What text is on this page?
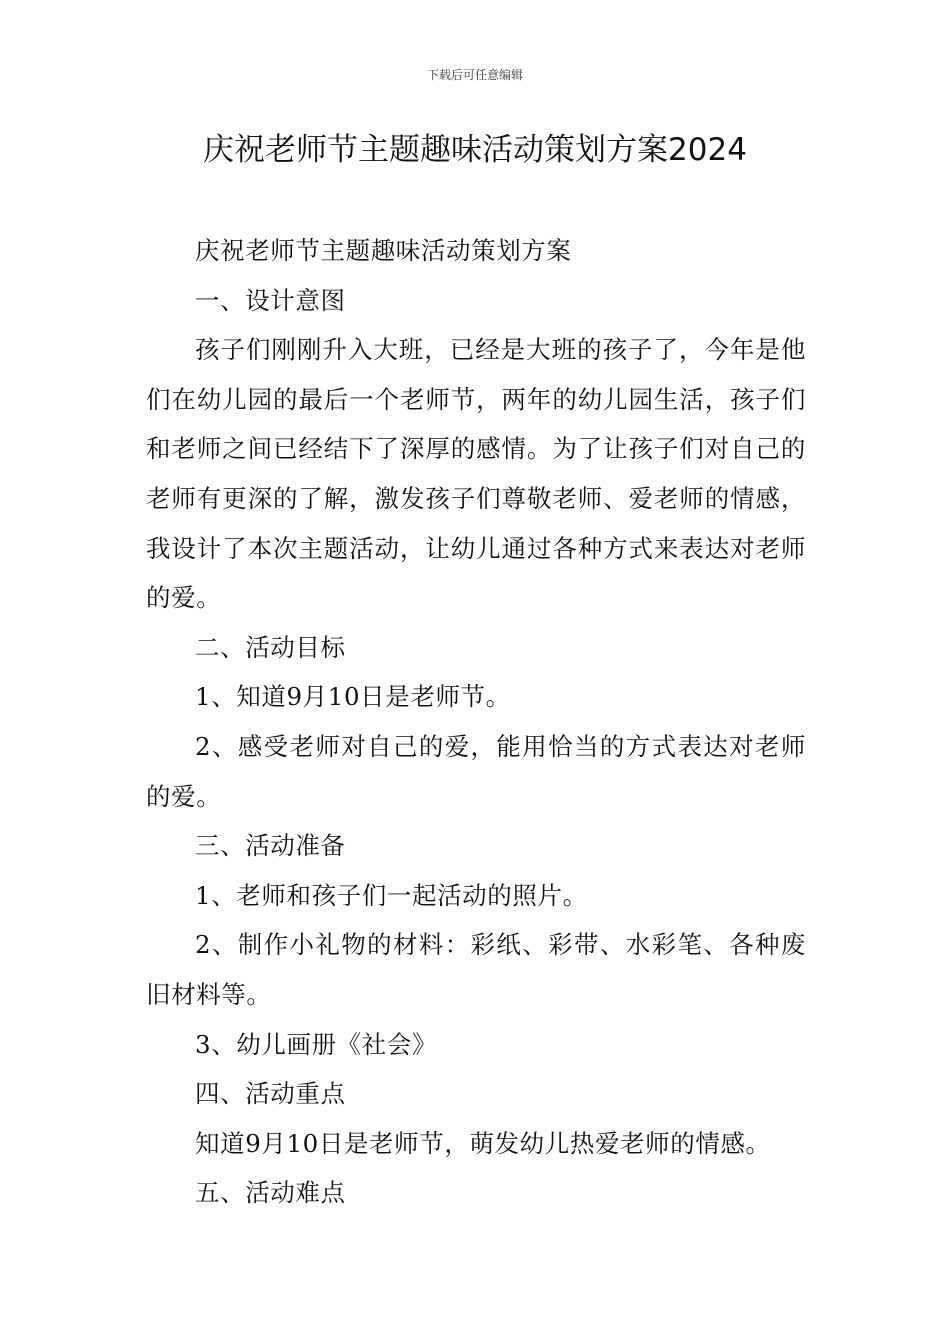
下载后可任意编辑
庆祝老师节主题趣味活动策划方案2024

庆祝老师节主题趣味活动策划方案

一、设计意图

孩子们刚刚升入大班，已经是大班的孩子了，今年是他们在幼儿园的最后一个老师节，两年的幼儿园生活，孩子们和老师之间已经结下了深厚的感情。为了让孩子们对自己的老师有更深的了解，激发孩子们尊敬老师、爱老师的情感，我设计了本次主题活动，让幼儿通过各种方式来表达对老师的爱。

二、活动目标

1、知道9月10日是老师节。

2、感受老师对自己的爱，能用恰当的方式表达对老师的爱。

三、活动准备

1、老师和孩子们一起活动的照片。

2、制作小礼物的材料：彩纸、彩带、水彩笔、各种废旧材料等。

3、幼儿画册《社会》

四、活动重点

知道9月10日是老师节，萌发幼儿热爱老师的情感。

五、活动难点
